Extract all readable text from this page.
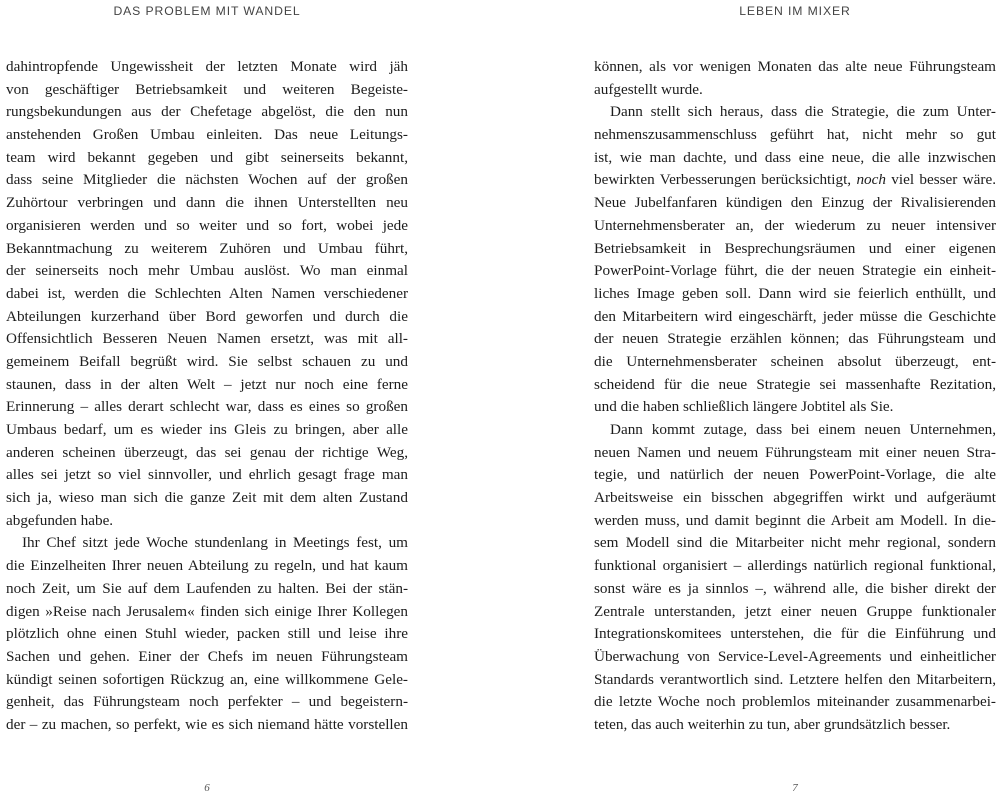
DAS PROBLEM MIT WANDEL	LEBEN IM MIXER
dahintropfende Ungewissheit der letzten Monate wird jäh
von geschäftiger Betriebsamkeit und weiteren Begeiste-
rungsbekundungen aus der Chefetage abgelöst, die den nun
anstehenden Großen Umbau einleiten. Das neue Leitungs-
team wird bekannt gegeben und gibt seinerseits bekannt,
dass seine Mitglieder die nächsten Wochen auf der großen
Zuhörtour verbringen und dann die ihnen Unterstellten neu
organisieren werden und so weiter und so fort, wobei jede
Bekanntmachung zu weiterem Zuhören und Umbau führt,
der seinerseits noch mehr Umbau auslöst. Wo man einmal
dabei ist, werden die Schlechten Alten Namen verschiedener
Abteilungen kurzerhand über Bord geworfen und durch die
Offensichtlich Besseren Neuen Namen ersetzt, was mit all-
gemeinem Beifall begrüßt wird. Sie selbst schauen zu und
staunen, dass in der alten Welt – jetzt nur noch eine ferne
Erinnerung – alles derart schlecht war, dass es eines so großen
Umbaus bedarf, um es wieder ins Gleis zu bringen, aber alle
anderen scheinen überzeugt, das sei genau der richtige Weg,
alles sei jetzt so viel sinnvoller, und ehrlich gesagt frage man
sich ja, wieso man sich die ganze Zeit mit dem alten Zustand
abgefunden habe.
Ihr Chef sitzt jede Woche stundenlang in Meetings fest, um
die Einzelheiten Ihrer neuen Abteilung zu regeln, und hat kaum
noch Zeit, um Sie auf dem Laufenden zu halten. Bei der stän-
digen »Reise nach Jerusalem« finden sich einige Ihrer Kollegen
plötzlich ohne einen Stuhl wieder, packen still und leise ihre
Sachen und gehen. Einer der Chefs im neuen Führungsteam
kündigt seinen sofortigen Rückzug an, eine willkommene Gele-
genheit, das Führungsteam noch perfekter – und begeistern-
der – zu machen, so perfekt, wie es sich niemand hätte vorstellen
können, als vor wenigen Monaten das alte neue Führungsteam
aufgestellt wurde.
Dann stellt sich heraus, dass die Strategie, die zum Unter-
nehmenszusammenschluss geführt hat, nicht mehr so gut
ist, wie man dachte, und dass eine neue, die alle inzwischen
bewirkten Verbesserungen berücksichtigt, noch viel besser wäre.
Neue Jubelfanfaren kündigen den Einzug der Rivalisierenden
Unternehmensberater an, der wiederum zu neuer intensiver
Betriebsamkeit in Besprechungsräumen und einer eigenen
PowerPoint-Vorlage führt, die der neuen Strategie ein einheit-
liches Image geben soll. Dann wird sie feierlich enthüllt, und
den Mitarbeitern wird eingeschärft, jeder müsse die Geschichte
der neuen Strategie erzählen können; das Führungsteam und
die Unternehmensberater scheinen absolut überzeugt, ent-
scheidend für die neue Strategie sei massenhafte Rezitation,
und die haben schließlich längere Jobtitel als Sie.
Dann kommt zutage, dass bei einem neuen Unternehmen,
neuen Namen und neuem Führungsteam mit einer neuen Stra-
tegie, und natürlich der neuen PowerPoint-Vorlage, die alte
Arbeitsweise ein bisschen abgegriffen wirkt und aufgeräumt
werden muss, und damit beginnt die Arbeit am Modell. In die-
sem Modell sind die Mitarbeiter nicht mehr regional, sondern
funktional organisiert – allerdings natürlich regional funktional,
sonst wäre es ja sinnlos –, während alle, die bisher direkt der
Zentrale unterstanden, jetzt einer neuen Gruppe funktionaler
Integrationskomitees unterstehen, die für die Einführung und
Überwachung von Service-Level-Agreements und einheitlicher
Standards verantwortlich sind. Letztere helfen den Mitarbeitern,
die letzte Woche noch problemlos miteinander zusammenarbei-
teten, das auch weiterhin zu tun, aber grundsätzlich besser.
6	7
